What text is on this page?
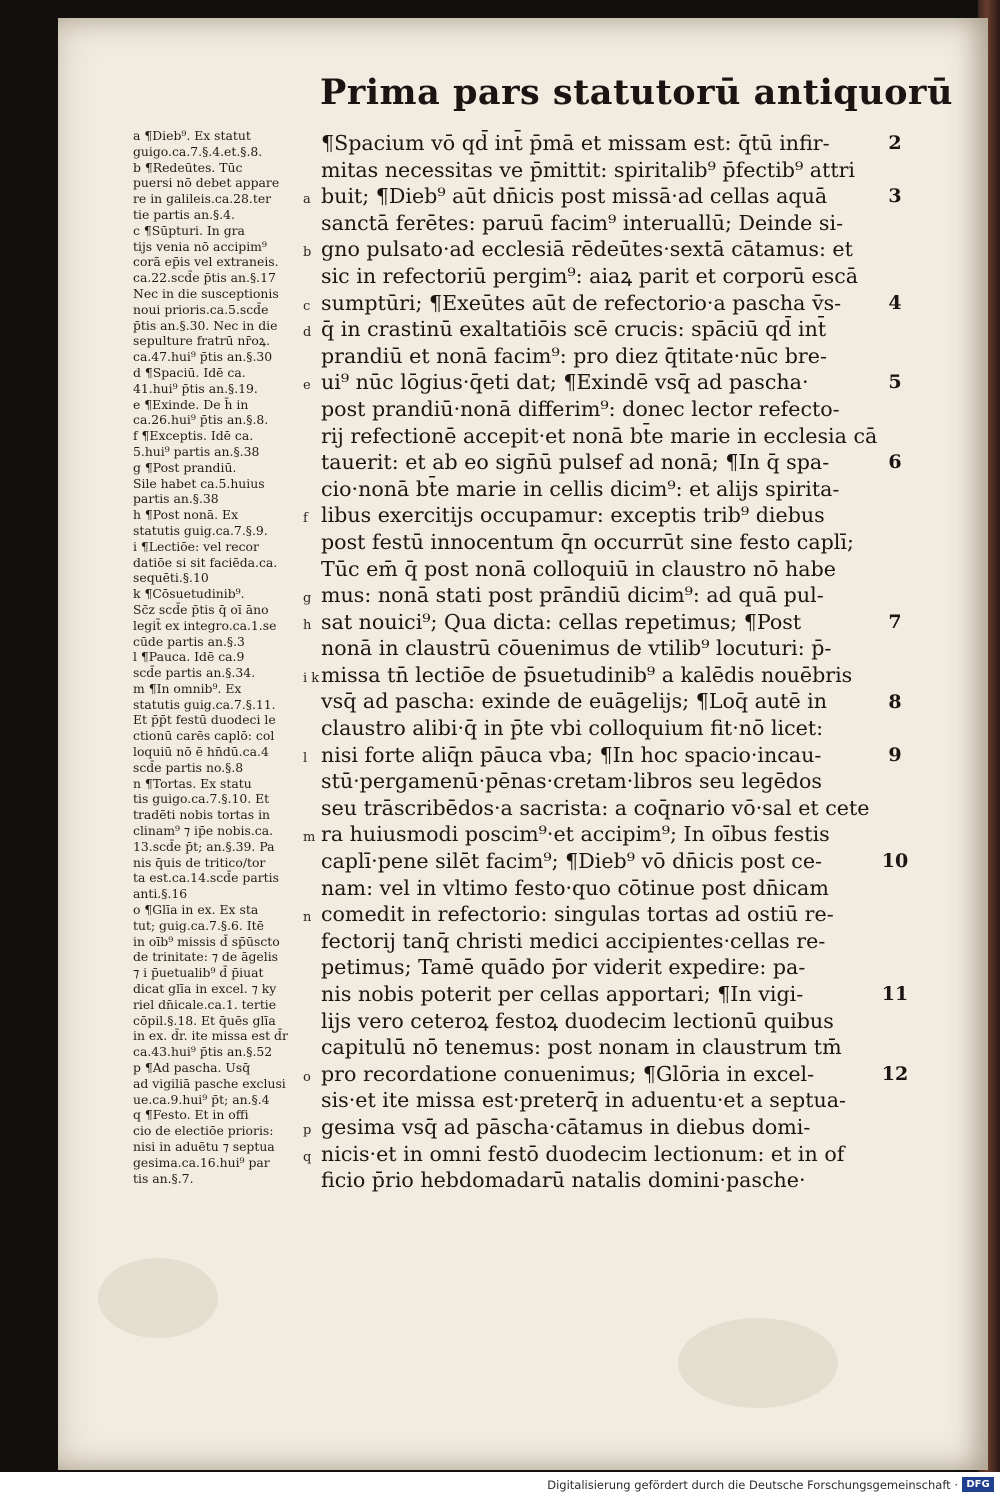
Prima pars statutorū antiquorū
a ¶Dieb⁹. Ex statut
guigo.ca.7.§.4.et.§.8.
b ¶Redeūtes. Tūc
puersi nō debet appare
re in galileis.ca.28.ter
tie partis an.§.4.
c ¶Sūpturi. In gra
tijs venia nō accipim⁹
corā ep̄is vel extraneis.
ca.22.scd̄e p̄tis an.§.17
Nec in die susceptionis
noui prioris.ca.5.scd̄e
p̄tis an.§.30. Nec in die
sepulture fratrū nr̄oꝝ.
ca.47.hui⁹ p̄tis an.§.30
d ¶Spaciū. Idē ca.
41.hui⁹ p̄tis an.§.19.
e ¶Exinde. De h̄ in
ca.26.hui⁹ p̄tis an.§.8.
f ¶Exceptis. Idē ca.
5.hui⁹ partis an.§.38
g ¶Post prandiū.
Sile habet ca.5.huius
partis an.§.38
h ¶Post nonā. Ex
statutis guig.ca.7.§.9.
i ¶Lectiōe: vel recor
datiōe si sit faciēda.ca.
sequēti.§.10
k ¶Cōsuetudinib⁹.
Sc̄z scd̄e p̄tis q̄ oī āno
legit̄ ex integro.ca.1.se
cūde partis an.§.3
l ¶Pauca. Idē ca.9
scd̄e partis an.§.34.
m ¶In omnib⁹. Ex
statutis guig.ca.7.§.11.
Et p̄p̄t festū duodeci le
ctionū carēs caplō: col
loquiū nō ē hn̄dū.ca.4
scd̄e partis no.§.8
n ¶Tortas. Ex statu
tis guigo.ca.7.§.10. Et
tradēti nobis tortas in
clinam⁹ ⁊ ip̄e nobis.ca.
13.scd̄e p̄t; an.§.39. Pa
nis q̄uis de tritico/tor
ta est.ca.14.scd̄e partis
anti.§.16
o ¶Glīa in ex. Ex sta
tut; guig.ca.7.§.6. Itē
in oīb⁹ missis d̄ sp̄ūscto
de trinitate: ⁊ de āgelis
⁊ i p̄uetualib⁹ d̄ p̄iuat
dicat glīa in excel. ⁊ ky
riel dn̄icale.ca.1. tertie
cōpil.§.18. Et q̄uēs glīa
in ex. d̄r. ite missa est d̄r
ca.43.hui⁹ p̄tis an.§.52
p ¶Ad pascha. Usq̄
ad vigiliā pasche exclusi
ue.ca.9.hui⁹ p̄t; an.§.4
q ¶Festo. Et in offi
cio de electiōe prioris:
nisi in aduētu ⁊ septua
gesima.ca.16.hui⁹ par
tis an.§.7.
¶Spacium vō qd̄ int̄ p̄mā et missam est: q̄tū infir-
mitas necessitas ve p̄mittit: spiritalib⁹ p̄fectib⁹ attri
a buit; ¶Dieb⁹ aūt dn̄icis post missā·ad cellas aquā
sanctā ferētes: paruū facim⁹ interuallū; Deinde si-
b gno pulsato·ad ecclesiā rēdeūtes·sextā cātamus: et
sic in refectoriū pergim⁹: aiaꝝ parit et corporū escā
c sumptūri; ¶Exeūtes aūt de refectorio·a pascha v̄s-
d q̄ in crastinū exaltatiōis scē crucis: spāciū qd̄ int̄
prandiū et nonā facim⁹: pro diez q̄titate·nūc bre-
e ui⁹ nūc lōgius·q̄eti dat; ¶Exindē vsq̄ ad pascha·
post prandiū·nonā differim⁹: donec lector refecto-
rij refectionē accepit·et nonā bt̄e marie in ecclesia cā
tauerit: et ab eo sign̄ū pulsef ad nonā; ¶In q̄ spa-
cio·nonā bt̄e marie in cellis dicim⁹: et alijs spirita-
f libus exercitijs occupamur: exceptis trib⁹ diebus
post festū innocentum q̄n occurrūt sine festo caplī;
Tūc em̄ q̄ post nonā colloquiū in claustro nō habe
g mus: nonā stati post prāndiū dicim⁹: ad quā pul-
h sat nouici⁹; Qua dicta: cellas repetimus; ¶Post
nonā in claustrū cōuenimus de vtilib⁹ locuturi: p̄-
i k missa tn̄ lectiōe de p̄suetudinib⁹ a kalēdis nouēbris
vsq̄ ad pascha: exinde de euāgelijs; ¶Loq̄ autē in
claustro alibi·q̄ in p̄te vbi colloquium fit·nō licet:
l nisi forte aliq̄n pāuca vba; ¶In hoc spacio·incau-
stū·pergamenū·pēnas·cretam·libros seu legēdos
seu trāscribēdos·a sacrista: a coq̄nario vō·sal et cete
m ra huiusmodi poscim⁹·et accipim⁹; In oībus festis
caplī·pene silēt facim⁹; ¶Dieb⁹ vō dn̄icis post ce-
nam: vel in vltimo festo·quo cōtinue post dn̄icam
n comedit in refectorio: singulas tortas ad ostiū re-
fectorij tanq̄ christi medici accipientes·cellas re-
petimus; Tamē quādo p̄or viderit expedire: pa-
nis nobis poterit per cellas apportari; ¶In vigi-
lijs vero ceteroꝝ festoꝝ duodecim lectionū quibus
capitulū nō tenemus: post nonam in claustrum tm̄
o pro recordatione conuenimus; ¶Glōria in excel-
sis·et ite missa est·preterq̄ in aduentu·et a septua-
p gesima vsq̄ ad pāscha·cātamus in diebus domi-
q nicis·et in omni festō duodecim lectionum: et in of
ficio p̄rio hebdomadarū natalis domini·pasche·
2
3
4
5
6
7
8
9
10
11
12
Digitalisierung gefördert durch die Deutsche Forschungsgemeinschaft · DFG
